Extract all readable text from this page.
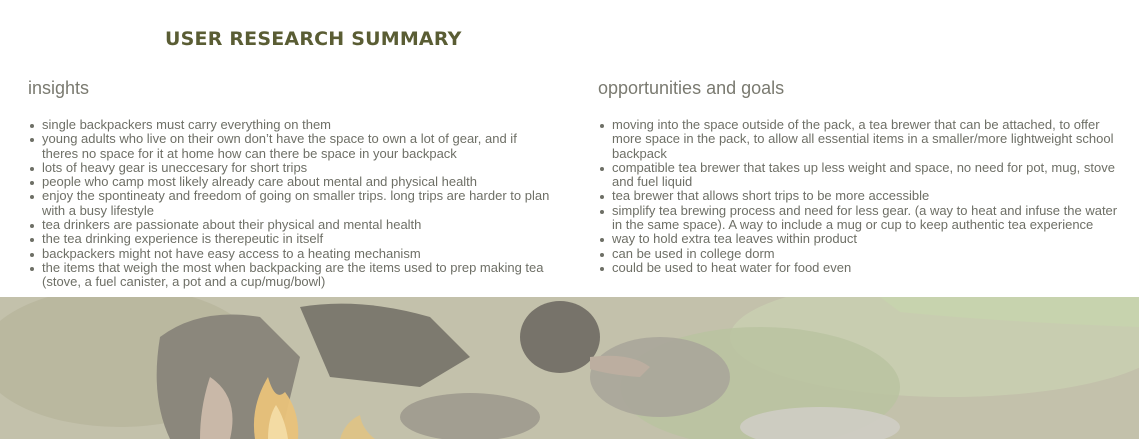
USER RESEARCH SUMMARY
insights
single backpackers must carry everything on them
young adults who live on their own don’t have the space to own a lot of gear, and if theres no space for it at home how can there be space in your backpack
lots of heavy gear is uneccesary for short trips
people who camp most likely already care about mental and physical health
enjoy the spontineaty and freedom of going on smaller trips. long trips are harder to plan with a busy lifestyle
tea drinkers are passionate about their physical and mental health
the tea drinking experience is therepeutic in itself
backpackers might not have easy access to a heating mechanism
the items that weigh the most when backpacking are the items used to prep making tea (stove, a fuel canister, a pot and a cup/mug/bowl)
opportunities and goals
moving into the space outside of the pack, a tea brewer that can be attached, to offer more space in the pack, to allow all essential items in a smaller/more lightweight school backpack
compatible tea brewer that takes up less weight and space, no need for pot, mug, stove and fuel liquid
tea brewer that allows short trips to be more accessible
simplify tea brewing process and need for less gear. (a way to heat and infuse the water in the same space). A way to include a mug or cup to keep authentic tea experience
way to hold extra tea leaves within product
can be used in college dorm
could be used to heat water for food even
